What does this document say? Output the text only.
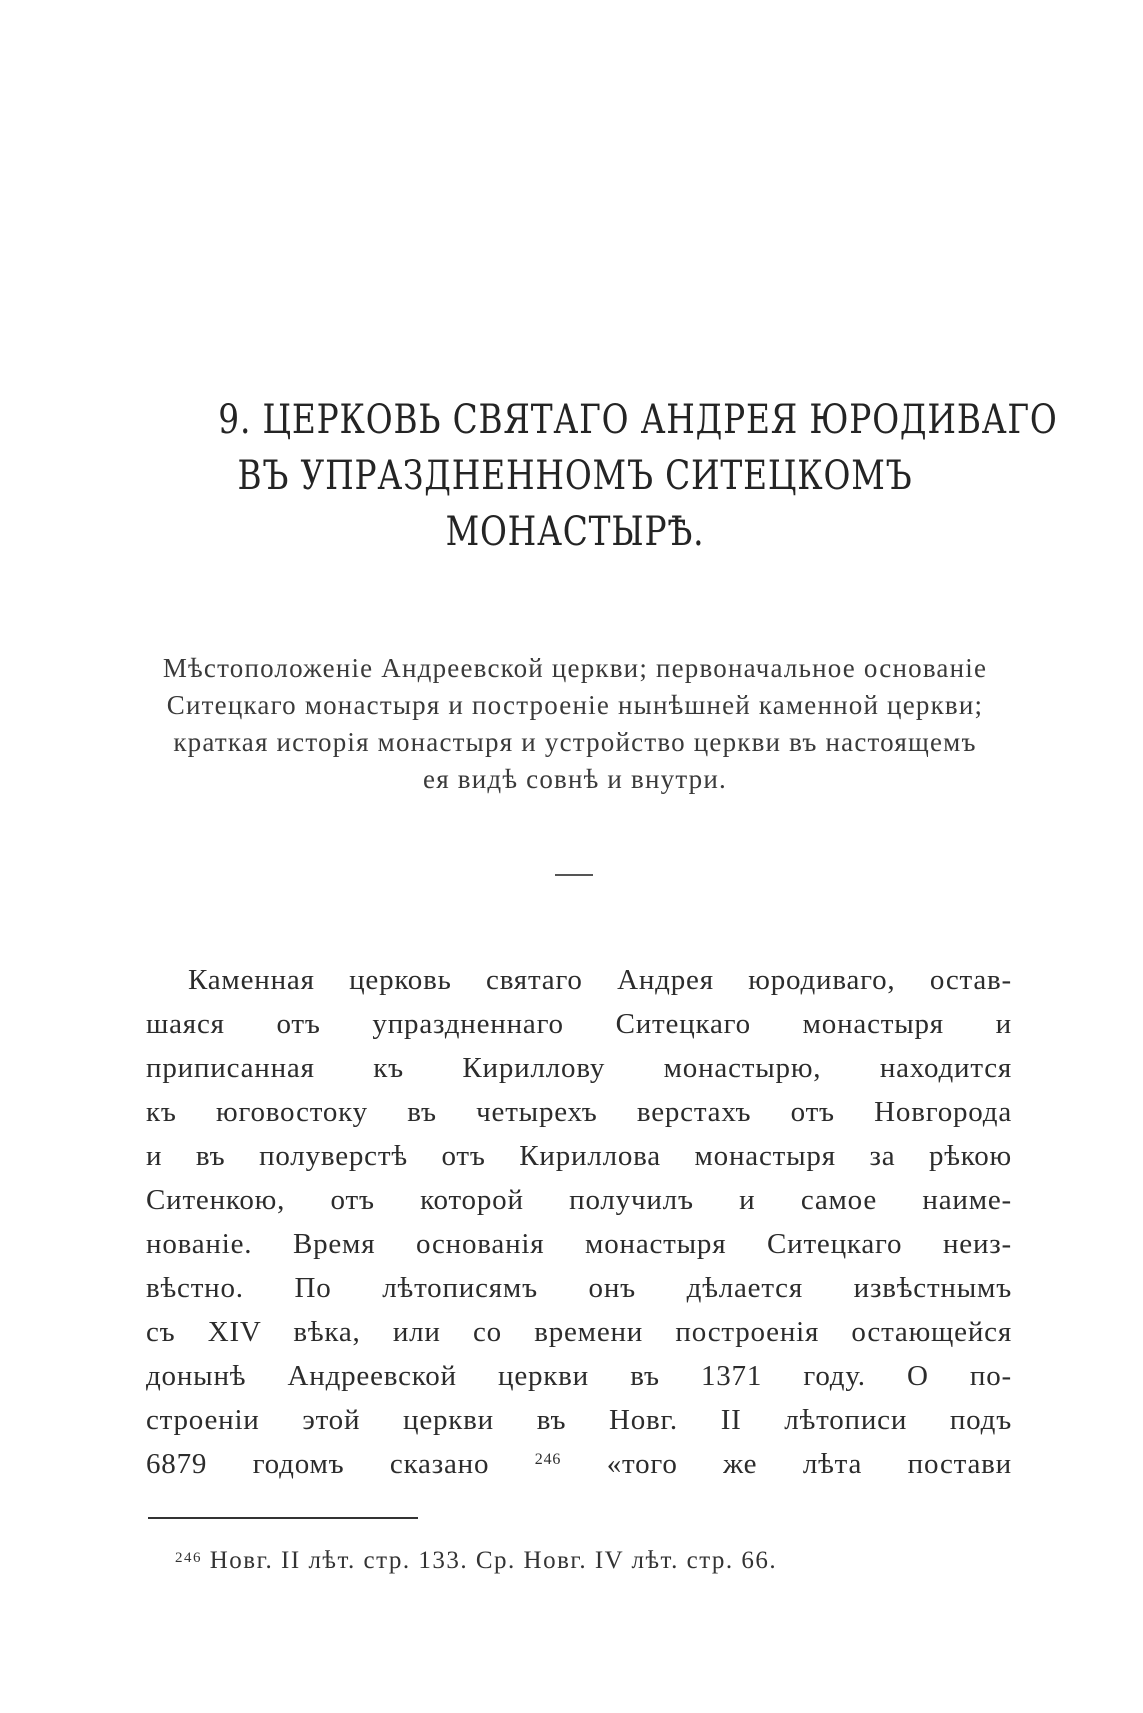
9. ЦЕРКОВЬ СВЯТАГО АНДРЕЯ ЮРОДИВАГО
ВЪ УПРАЗДНЕННОМЪ СИТЕЦКОМЪ
МОНАСТЫРѢ.
Мѣстоположеніе Андреевской церкви; первоначальное основаніе
Ситецкаго монастыря и построеніе нынѣшней каменной церкви;
краткая исторія монастыря и устройство церкви въ настоящемъ
ея видѣ совнѣ и внутри.
Каменная церковь святаго Андрея юродиваго, остав-
шаяся отъ упраздненнаго Ситецкаго монастыря и
приписанная къ Кириллову монастырю, находится
къ юговостоку въ четырехъ верстахъ отъ Новгорода
и въ полуверстѣ отъ Кириллова монастыря за рѣкою
Ситенкою, отъ которой получилъ и самое наиме-
нованіе. Время основанія монастыря Ситецкаго неиз-
вѣстно. По лѣтописямъ онъ дѣлается извѣстнымъ
съ XIV вѣка, или со времени построенія остающейся
донынѣ Андреевской церкви въ 1371 году. О по-
строеніи этой церкви въ Новг. II лѣтописи подъ
6879 годомъ сказано	$^{246}$ «того же лѣта постави
$^{246}$ Новг. II лѣт. стр. 133. Ср. Новг. IV лѣт. стр. 66.
